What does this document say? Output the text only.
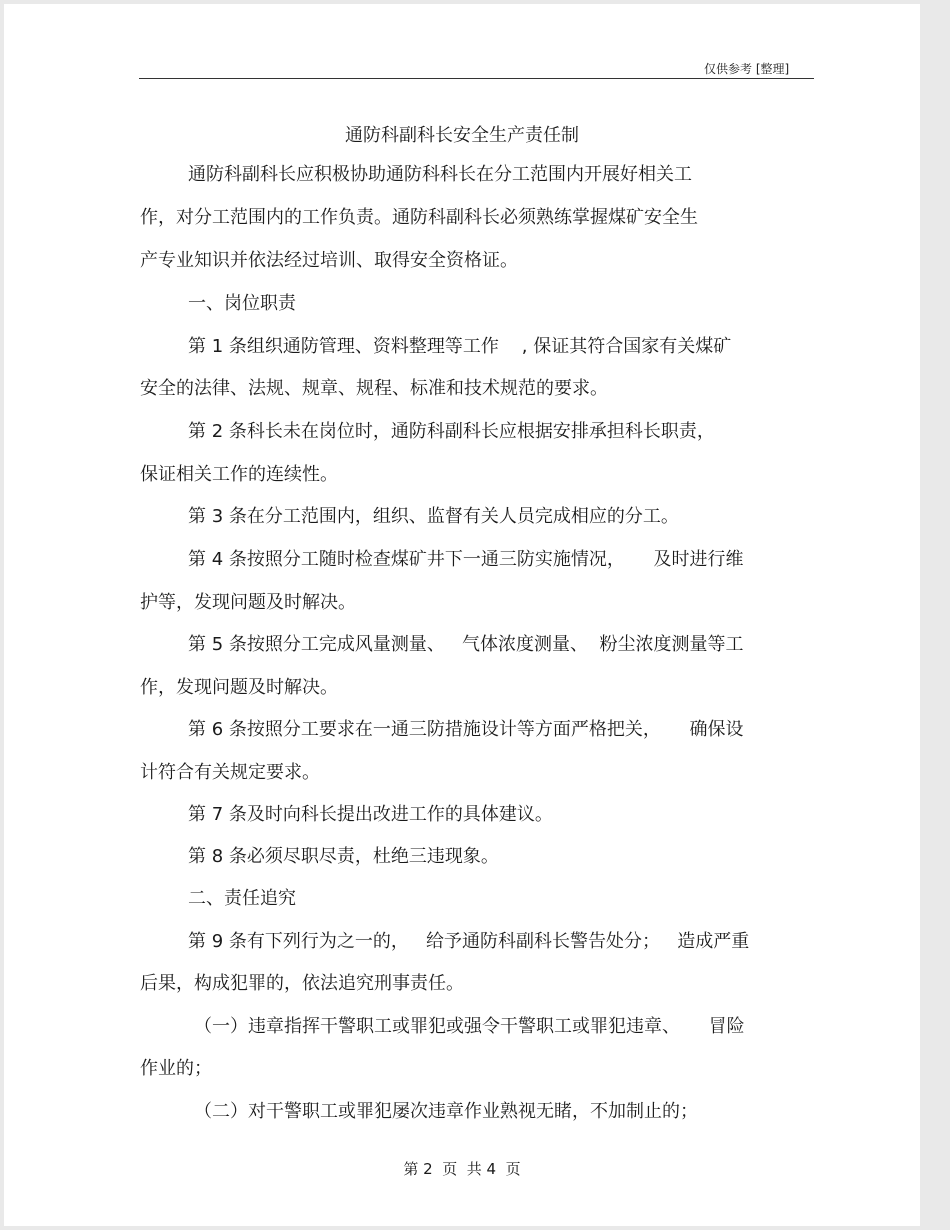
仅供参考 [整理]
通防科副科长安全生产责任制
通防科副科长应积极协助通防科科长在分工范围内开展好相关工
作，对分工范围内的工作负责。通防科副科长必须熟练掌握煤矿安全生
产专业知识并依法经过培训、取得安全资格证。
一、岗位职责
第 1 条组织通防管理、资料整理等工作    , 保证其符合国家有关煤矿
安全的法律、法规、规章、规程、标准和技术规范的要求。
第 2 条科长未在岗位时，通防科副科长应根据安排承担科长职责，
保证相关工作的连续性。
第 3 条在分工范围内，组织、监督有关人员完成相应的分工。
第 4 条按照分工随时检查煤矿井下一通三防实施情况，     及时进行维
护等，发现问题及时解决。
第 5 条按照分工完成风量测量、   气体浓度测量、  粉尘浓度测量等工
作，发现问题及时解决。
第 6 条按照分工要求在一通三防措施设计等方面严格把关，     确保设
计符合有关规定要求。
第 7 条及时向科长提出改进工作的具体建议。
第 8 条必须尽职尽责，杜绝三违现象。
二、责任追究
第 9 条有下列行为之一的，   给予通防科副科长警告处分；   造成严重
后果，构成犯罪的，依法追究刑事责任。
（一）违章指挥干警职工或罪犯或强令干警职工或罪犯违章、     冒险
作业的；
（二）对干警职工或罪犯屡次违章作业熟视无睹，不加制止的；
第 2  页  共 4  页
